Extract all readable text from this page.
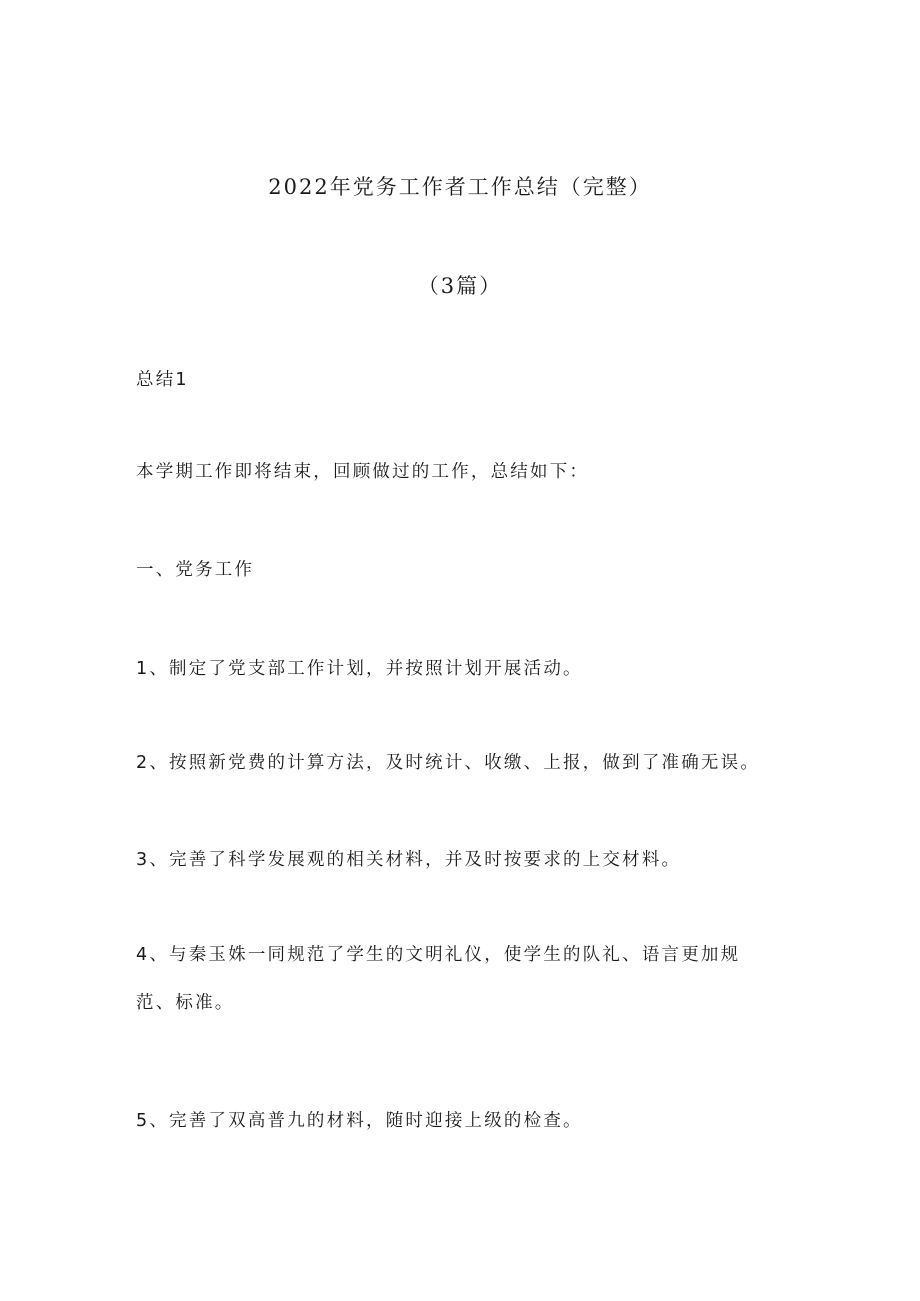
2022年党务工作者工作总结（完整）
（3篇）
总结1
本学期工作即将结束，回顾做过的工作，总结如下：
一、党务工作
1、制定了党支部工作计划，并按照计划开展活动。
2、按照新党费的计算方法，及时统计、收缴、上报，做到了准确无误。
3、完善了科学发展观的相关材料，并及时按要求的上交材料。
4、与秦玉姝一同规范了学生的文明礼仪，使学生的队礼、语言更加规范、标准。
5、完善了双高普九的材料，随时迎接上级的检查。
